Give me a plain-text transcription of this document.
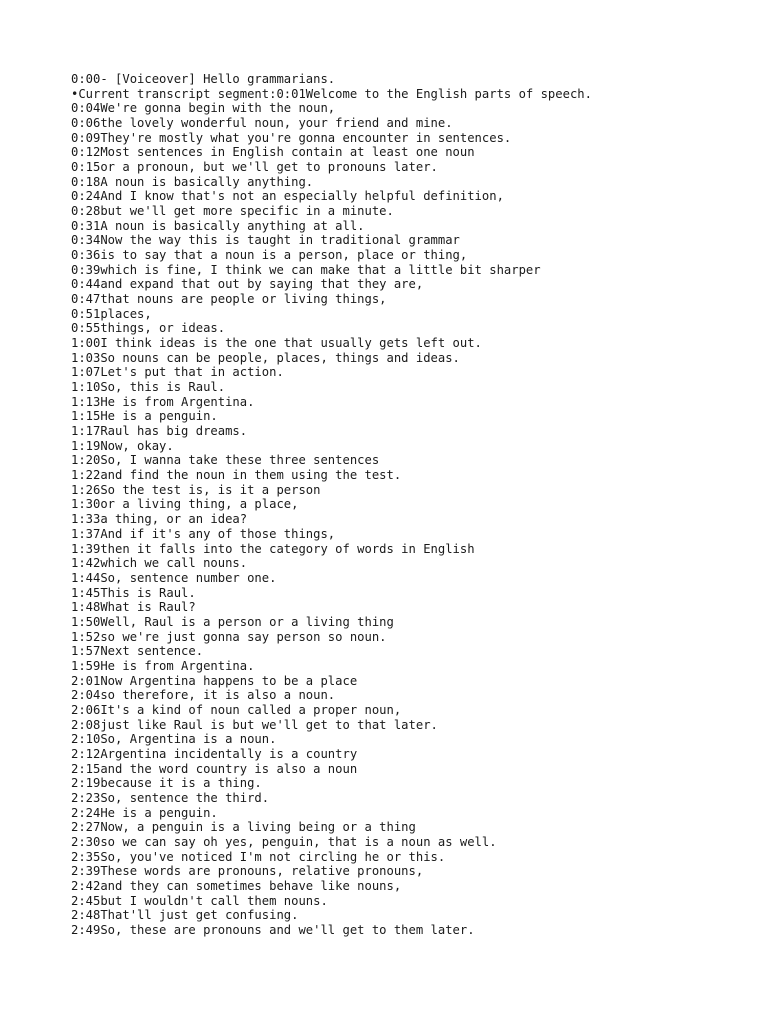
0:00- [Voiceover] Hello grammarians.
•Current transcript segment:0:01Welcome to the English parts of speech.
0:04We're gonna begin with the noun,
0:06the lovely wonderful noun, your friend and mine.
0:09They're mostly what you're gonna encounter in sentences.
0:12Most sentences in English contain at least one noun
0:15or a pronoun, but we'll get to pronouns later.
0:18A noun is basically anything.
0:24And I know that's not an especially helpful definition,
0:28but we'll get more specific in a minute.
0:31A noun is basically anything at all.
0:34Now the way this is taught in traditional grammar
0:36is to say that a noun is a person, place or thing,
0:39which is fine, I think we can make that a little bit sharper
0:44and expand that out by saying that they are,
0:47that nouns are people or living things,
0:51places,
0:55things, or ideas.
1:00I think ideas is the one that usually gets left out.
1:03So nouns can be people, places, things and ideas.
1:07Let's put that in action.
1:10So, this is Raul.
1:13He is from Argentina.
1:15He is a penguin.
1:17Raul has big dreams.
1:19Now, okay.
1:20So, I wanna take these three sentences
1:22and find the noun in them using the test.
1:26So the test is, is it a person
1:30or a living thing, a place,
1:33a thing, or an idea?
1:37And if it's any of those things,
1:39then it falls into the category of words in English
1:42which we call nouns.
1:44So, sentence number one.
1:45This is Raul.
1:48What is Raul?
1:50Well, Raul is a person or a living thing
1:52so we're just gonna say person so noun.
1:57Next sentence.
1:59He is from Argentina.
2:01Now Argentina happens to be a place
2:04so therefore, it is also a noun.
2:06It's a kind of noun called a proper noun,
2:08just like Raul is but we'll get to that later.
2:10So, Argentina is a noun.
2:12Argentina incidentally is a country
2:15and the word country is also a noun
2:19because it is a thing.
2:23So, sentence the third.
2:24He is a penguin.
2:27Now, a penguin is a living being or a thing
2:30so we can say oh yes, penguin, that is a noun as well.
2:35So, you've noticed I'm not circling he or this.
2:39These words are pronouns, relative pronouns,
2:42and they can sometimes behave like nouns,
2:45but I wouldn't call them nouns.
2:48That'll just get confusing.
2:49So, these are pronouns and we'll get to them later.
